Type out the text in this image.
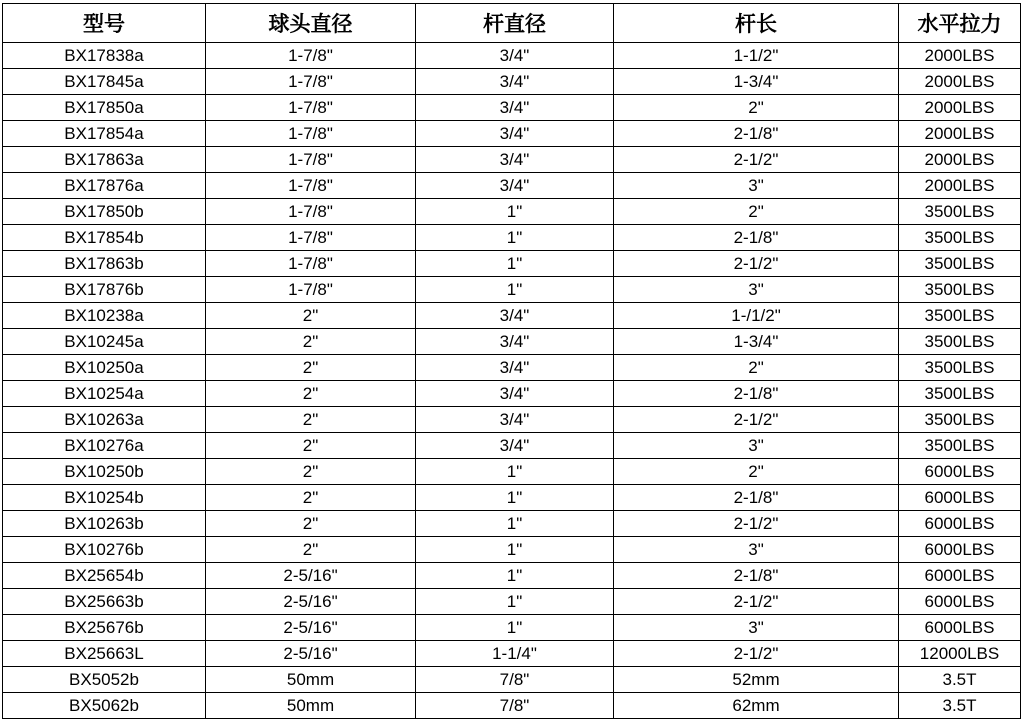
型号	球头直径	杆直径	杆长	水平拉力
BX17838a	1-7/8"	3/4"	1-1/2"	2000LBS
BX17845a	1-7/8"	3/4"	1-3/4"	2000LBS
BX17850a	1-7/8"	3/4"	2"	2000LBS
BX17854a	1-7/8"	3/4"	2-1/8"	2000LBS
BX17863a	1-7/8"	3/4"	2-1/2"	2000LBS
BX17876a	1-7/8"	3/4"	3"	2000LBS
BX17850b	1-7/8"	1"	2"	3500LBS
BX17854b	1-7/8"	1"	2-1/8"	3500LBS
BX17863b	1-7/8"	1"	2-1/2"	3500LBS
BX17876b	1-7/8"	1"	3"	3500LBS
BX10238a	2"	3/4"	1-/1/2"	3500LBS
BX10245a	2"	3/4"	1-3/4"	3500LBS
BX10250a	2"	3/4"	2"	3500LBS
BX10254a	2"	3/4"	2-1/8"	3500LBS
BX10263a	2"	3/4"	2-1/2"	3500LBS
BX10276a	2"	3/4"	3"	3500LBS
BX10250b	2"	1"	2"	6000LBS
BX10254b	2"	1"	2-1/8"	6000LBS
BX10263b	2"	1"	2-1/2"	6000LBS
BX10276b	2"	1"	3"	6000LBS
BX25654b	2-5/16"	1"	2-1/8"	6000LBS
BX25663b	2-5/16"	1"	2-1/2"	6000LBS
BX25676b	2-5/16"	1"	3"	6000LBS
BX25663L	2-5/16"	1-1/4"	2-1/2"	12000LBS
BX5052b	50mm	7/8"	52mm	3.5T
BX5062b	50mm	7/8"	62mm	3.5T
